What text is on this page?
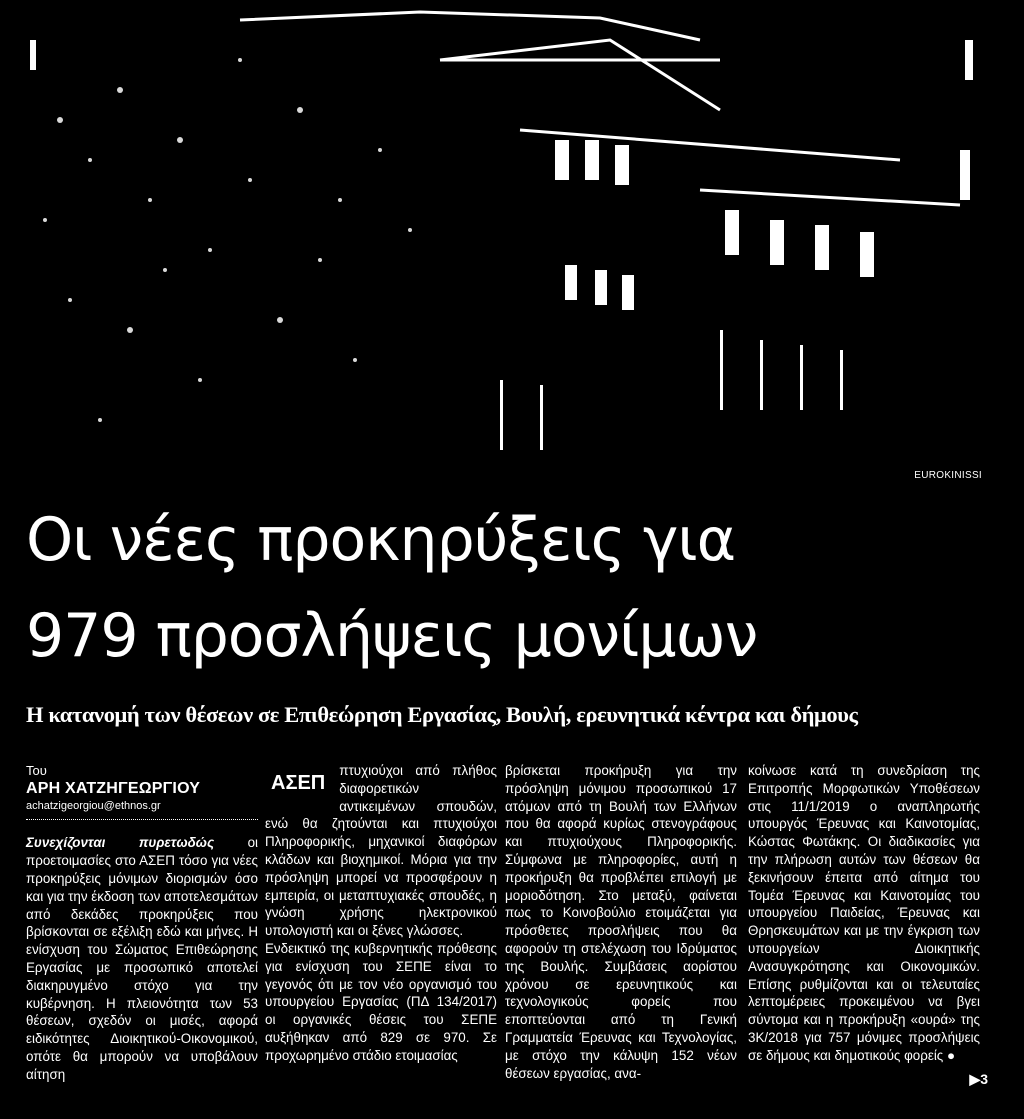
EUROKINISSI
Οι νέες προκηρύξεις για
979 προσλήψεις μονίμων
Η κατανομή των θέσεων σε Επιθεώρηση Εργασίας, Βουλή, ερευνητικά κέντρα και δήμους
Του
ΑΡΗ ΧΑΤΖΗΓΕΩΡΓΙΟΥ
achatzigeorgiou@ethnos.gr

Συνεχίζονται πυρετωδώς οι προετοιμασίες στο ΑΣΕΠ τόσο για νέες προκηρύξεις μόνιμων διορισμών όσο και για την έκδοση των αποτελεσμάτων από δεκάδες προκηρύξεις που βρίσκονται σε εξέλιξη εδώ και μήνες. Η ενίσχυση του Σώματος Επιθεώρησης Εργασίας με προσωπικό αποτελεί διακηρυγμένο στόχο για την κυβέρνηση. Η πλειονότητα των 53 θέσεων, σχεδόν οι μισές, αφορά ειδικότητες Διοικητικού-Οικονομικού, οπότε θα μπορούν να υποβάλουν αίτηση

ΑΣΕΠ
πτυχιούχοι από πλήθος διαφορετικών αντικειμένων σπουδών, ενώ θα ζητούνται και πτυχιούχοι Πληροφορικής, μηχανικοί διαφόρων κλάδων και βιοχημικοί. Μόρια για την πρόσληψη μπορεί να προσφέρουν η εμπειρία, οι μεταπτυχιακές σπουδές, η γνώση χρήσης ηλεκτρονικού υπολογιστή και οι ξένες γλώσσες.

Ενδεικτικό της κυβερνητικής πρόθεσης για ενίσχυση του ΣΕΠΕ είναι το γεγονός ότι με τον νέο οργανισμό του υπουργείου Εργασίας (ΠΔ 134/2017) οι οργανικές θέσεις του ΣΕΠΕ αυξήθηκαν από 829 σε 970. Σε προχωρημένο στάδιο ετοιμασίας

βρίσκεται προκήρυξη για την πρόσληψη μόνιμου προσωπικού 17 ατόμων από τη Βουλή των Ελλήνων που θα αφορά κυρίως στενογράφους και πτυχιούχους Πληροφορικής. Σύμφωνα με πληροφορίες, αυτή η προκήρυξη θα προβλέπει επιλογή με μοριοδότηση. Στο μεταξύ, φαίνεται πως το Κοινοβούλιο ετοιμάζεται για πρόσθετες προσλήψεις που θα αφορούν τη στελέχωση του Ιδρύματος της Βουλής. Συμβάσεις αορίστου χρόνου σε ερευνητικούς και τεχνολογικούς φορείς που εποπτεύονται από τη Γενική Γραμματεία Έρευνας και Τεχνολογίας, με στόχο την κάλυψη 152 νέων θέσεων εργασίας, ανα-

κοίνωσε κατά τη συνεδρίαση της Επιτροπής Μορφωτικών Υποθέσεων στις 11/1/2019 ο αναπληρωτής υπουργός Έρευνας και Καινοτομίας, Κώστας Φωτάκης. Οι διαδικασίες για την πλήρωση αυτών των θέσεων θα ξεκινήσουν έπειτα από αίτημα του Τομέα Έρευνας και Καινοτομίας του υπουργείου Παιδείας, Έρευνας και Θρησκευμάτων και με την έγκριση των υπουργείων Διοικητικής Ανασυγκρότησης και Οικονομικών. Επίσης ρυθμίζονται και οι τελευταίες λεπτομέρειες προκειμένου να βγει σύντομα και η προκήρυξη «ουρά» της 3Κ/2018 για 757 μόνιμες προσλήψεις σε δήμους και δημοτικούς φορείς ●

▶3
